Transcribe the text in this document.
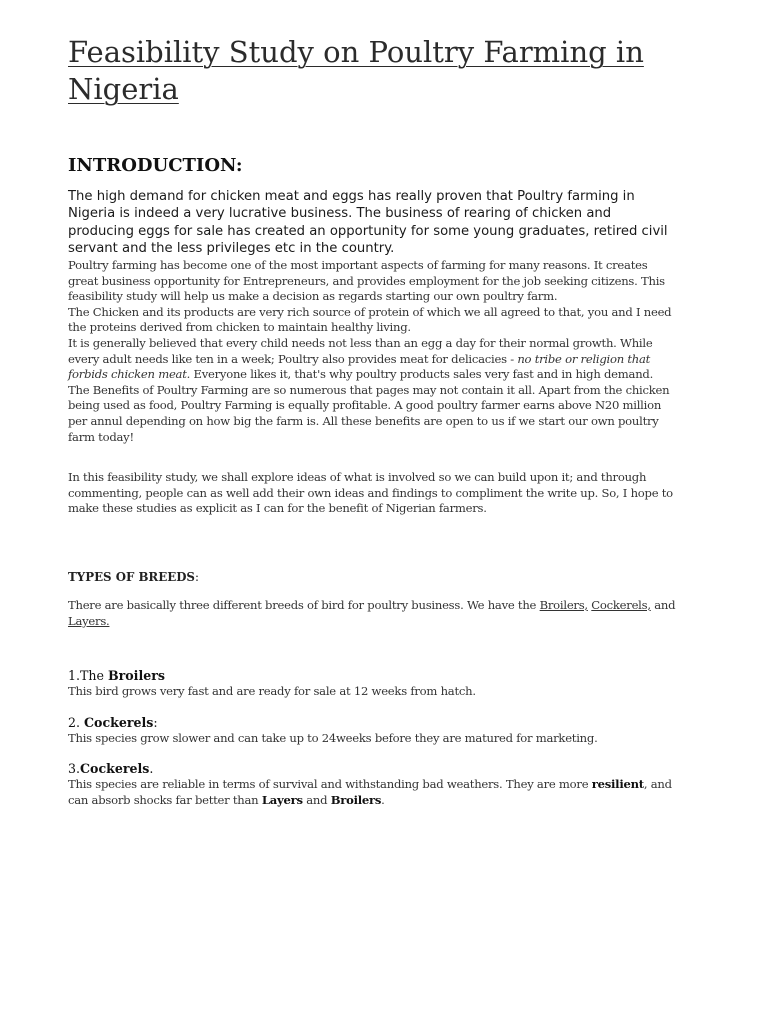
Feasibility Study on Poultry Farming in Nigeria
INTRODUCTION:

The high demand for chicken meat and eggs has really proven that Poultry farming in Nigeria is indeed a very lucrative business. The business of rearing of chicken and producing eggs for sale has created an opportunity for some young graduates, retired civil servant and the less privileges etc in the country.

Poultry farming has become one of the most important aspects of farming for many reasons. It creates great business opportunity for Entrepreneurs, and provides employment for the job seeking citizens. This feasibility study will help us make a decision as regards starting our own poultry farm.

The Chicken and its products are very rich source of protein of which we all agreed to that, you and I need the proteins derived from chicken to maintain healthy living.

It is generally believed that every child needs not less than an egg a day for their normal growth. While every adult needs like ten in a week; Poultry also provides meat for delicacies - no tribe or religion that forbids chicken meat. Everyone likes it, that's why poultry products sales very fast and in high demand.

The Benefits of Poultry Farming are so numerous that pages may not contain it all. Apart from the chicken being used as food, Poultry Farming is equally profitable. A good poultry farmer earns above N20 million per annul depending on how big the farm is. All these benefits are open to us if we start our own poultry farm today!

In this feasibility study, we shall explore ideas of what is involved so we can build upon it; and through commenting, people can as well add their own ideas and findings to compliment the write up. So, I hope to make these studies as explicit as I can for the benefit of Nigerian farmers.

TYPES OF BREEDS:

There are basically three different breeds of bird for poultry business. We have the Broilers, Cockerels, and Layers.

1.The Broilers

This bird grows very fast and are ready for sale at 12 weeks from hatch.

2. Cockerels:

This species grow slower and can take up to 24weeks before they are matured for marketing.

3.Cockerels.

This species are reliable in terms of survival and withstanding bad weathers. They are more resilient, and can absorb shocks far better than Layers and Broilers.
